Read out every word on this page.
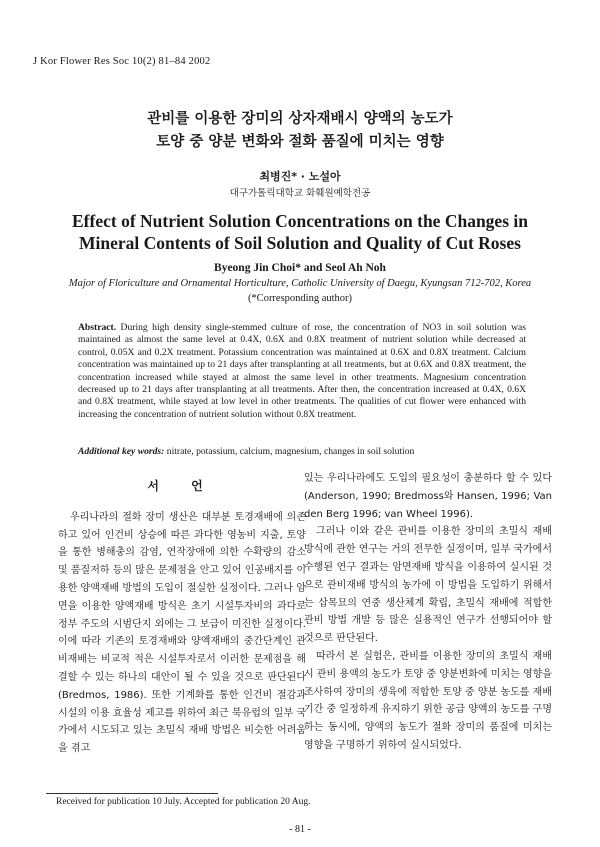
J Kor Flower Res Soc 10(2) 81–84 2002
관비를 이용한 장미의 상자재배시 양액의 농도가
토양 중 양분 변화와 절화 품질에 미치는 영향
최병진* · 노설아
대구가톨릭대학교 화훼원예학전공
Effect of Nutrient Solution Concentrations on the Changes in
Mineral Contents of Soil Solution and Quality of Cut Roses
Byeong Jin Choi* and Seol Ah Noh
Major of Floriculture and Ornamental Horticulture, Catholic University of Daegu, Kyungsan 712-702, Korea
(*Corresponding author)
Abstract. During high density single-stemmed culture of rose, the concentration of NO3 in soil solution was maintained as almost the same level at 0.4X, 0.6X and 0.8X treatment of nutrient solution while decreased at control, 0.05X and 0.2X treatment. Potassium concentration was maintained at 0.6X and 0.8X treatment. Calcium concentration was maintained up to 21 days after transplanting at all treatments, but at 0.6X and 0.8X treatment, the concentration increased while stayed at almost the same level in other treatments. Magnesium concentration decreased up to 21 days after transplanting at all treatments. After then, the concentration increased at 0.4X, 0.6X and 0.8X treatment, while stayed at low level in other treatments. The qualities of cut flower were enhanced with increasing the concentration of nutrient solution without 0.8X treatment.
Additional key words: nitrate, potassium, calcium, magnesium, changes in soil solution
서 언

우리나라의 절화 장미 생산은 대부분 토경재배에 의존하고 있어 인건비 상승에 따른 과다한 영농비 지출, 토양을 통한 병해충의 감염, 연작장애에 의한 수확량의 감소 및 품질저하 등의 많은 문제점을 안고 있어 인공배지를 이용한 양액재배 방법의 도입이 절실한 실정이다. 그러나 암면을 이용한 양액재배 방식은 초기 시설투자비의 과다로 정부 주도의 시범단지 외에는 그 보급이 미진한 실정이다. 이에 따라 기존의 토경재배와 양액재배의 중간단계인 관비재배는 비교적 적은 시설투자로서 이러한 문제점을 해결할 수 있는 하나의 대안이 될 수 있을 것으로 판단된다(Bredmos, 1986). 또한 기계화를 통한 인건비 절감과 시설의 이용 효율성 제고를 위하여 최근 북유럽의 일부 국가에서 시도되고 있는 초밀식 재배 방법은 비슷한 어려움을 겪고

있는 우리나라에도 도입의 필요성이 충분하다 할 수 있다(Anderson, 1990; Bredmoss와 Hansen, 1996; Van den Berg 1996; van Wheel 1996).

그러나 이와 같은 관비를 이용한 장미의 초밀식 재배 방식에 관한 연구는 거의 전무한 실정이며, 일부 국가에서 수행된 연구 결과는 암면재배 방식을 이용하여 실시된 것으로 관비재배 방식의 농가에 이 방법을 도입하기 위해서는 삽목묘의 연중 생산체계 확립, 초밀식 재배에 적합한 관비 방법 개발 등 많은 실용적인 연구가 선행되어야 할 것으로 판단된다.

따라서 본 실험은, 관비를 이용한 장미의 초밀식 재배 시 관비 용액의 농도가 토양 중 양분변화에 미치는 영향을 조사하여 장미의 생육에 적합한 토양 중 양분 농도를 재배 기간 중 일정하게 유지하기 위한 공급 양액의 농도를 구명하는 동시에, 양액의 농도가 절화 장미의 품질에 미치는 영향을 구명하기 위하여 실시되었다.

Received for publication 10 July. Accepted for publication 20 Aug.
- 81 -
